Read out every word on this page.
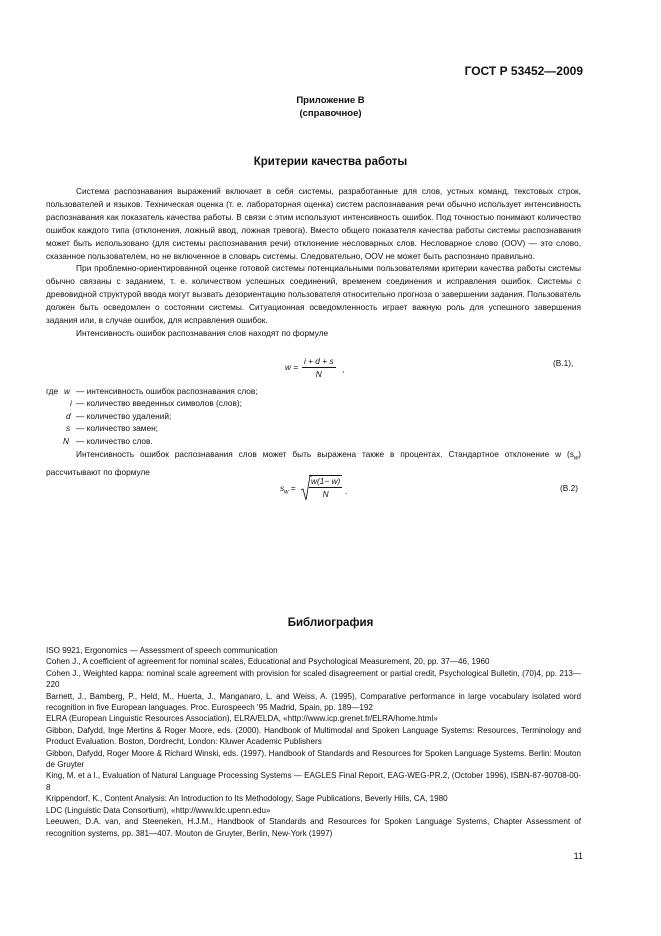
ГОСТ Р 53452—2009
Приложение В
(справочное)
Критерии качества работы

Система распознавания выражений включает в себя системы, разработанные для слов, устных команд, текстовых строк, пользователей и языков. Техническая оценка (т. е. лабораторная оценка) систем распознавания речи обычно использует интенсивность распознавания как показатель качества работы. В связи с этим используют интенсивность ошибок. Под точностью понимают количество ошибок каждого типа (отклонения, ложный ввод, ложная тревога). Вместо общего показателя качества работы системы распознавания может быть использовано (для системы распознавания речи) отклонение несловарных слов. Несловарное слово (OOV) — это слово, сказанное пользователем, но не включенное в словарь системы. Следовательно, OOV не может быть распознано правильно.

При проблемно-ориентированной оценке готовой системы потенциальными пользователями критерии качества работы системы обычно связаны с заданием, т. е. количеством успешных соединений, временем соединения и исправления ошибок. Системы с древовидной структурой ввода могут вызвать дезориентацию пользователя относительно прогноза о завершении задания. Пользователь должен быть осведомлен о состоянии системы. Ситуационная осведомленность играет важную роль для успешного завершения задания или, в случае ошибок, для исправления ошибок.

Интенсивность ошибок распознавания слов находят по формуле

w =
i + d + s
N ,
(В.1),
где w — интенсивность ошибок распознавания слов;
i — количество введенных символов (слов);
d — количество удалений;
s — количество замен;
N — количество слов.

Интенсивность ошибок распознавания слов может быть выражена также в процентах. Стандартное отклонение w $(s_w)$ рассчитывают по формуле

$s_w$ =
w(1− w)
N .	(В.2)
Библиография
ISO 9921, Ergonomics — Assessment of speech communication
Cohen J., A coefficient of agreement for nominal scales, Educational and Psychological Measurement, 20, pp. 37—46, 1960
Cohen J., Weighted kappa: nominal scale agreement with provision for scaled disagreement or partial credit, Psychological Bulletin, (70)4, pp. 213—220
Barnett, J., Bamberg, P., Held, M., Huerta, J., Manganaro, L. and Weiss, A. (1995), Comparative performance in large vocabulary isolated word recognition in five European languages. Proc. Eurospeech '95 Madrid, Spain, pp. 189—192
ELRA (European Linguistic Resources Association), ELRA/ELDA, «http://www.icp.grenet.fr/ELRA/home.html»
Gibbon, Dafydd, Inge Mertins & Roger Moore, eds. (2000). Handbook of Multimodal and Spoken Language Systems: Resources, Terminology and Product Evaluation. Boston, Dordrecht, London: Kluwer Academic Publishers
Gibbon, Dafydd, Roger Moore & Richard Winski, eds. (1997). Handbook of Standards and Resources for Spoken Language Systems. Berlin: Mouton de Gruyter
King, M. et a l., Evaluation of Natural Language Processing Systems — EAGLES Final Report, EAG-WEG-PR.2, (October 1996), ISBN-87-90708-00-8
Krippendorf, K., Content Analysis: An Introduction to Its Methodology, Sage Publications, Beverly Hills, CA, 1980
LDC (Linguistic Data Consortium), «http://www.ldc.upenn.edu»
Leeuwen, D.A. van, and Steeneken, H.J.M., Handbook of Standards and Resources for Spoken Language Systems, Chapter Assessment of recognition systems, pp. 381—407. Mouton de Gruyter, Berlin, New-York (1997)
11
